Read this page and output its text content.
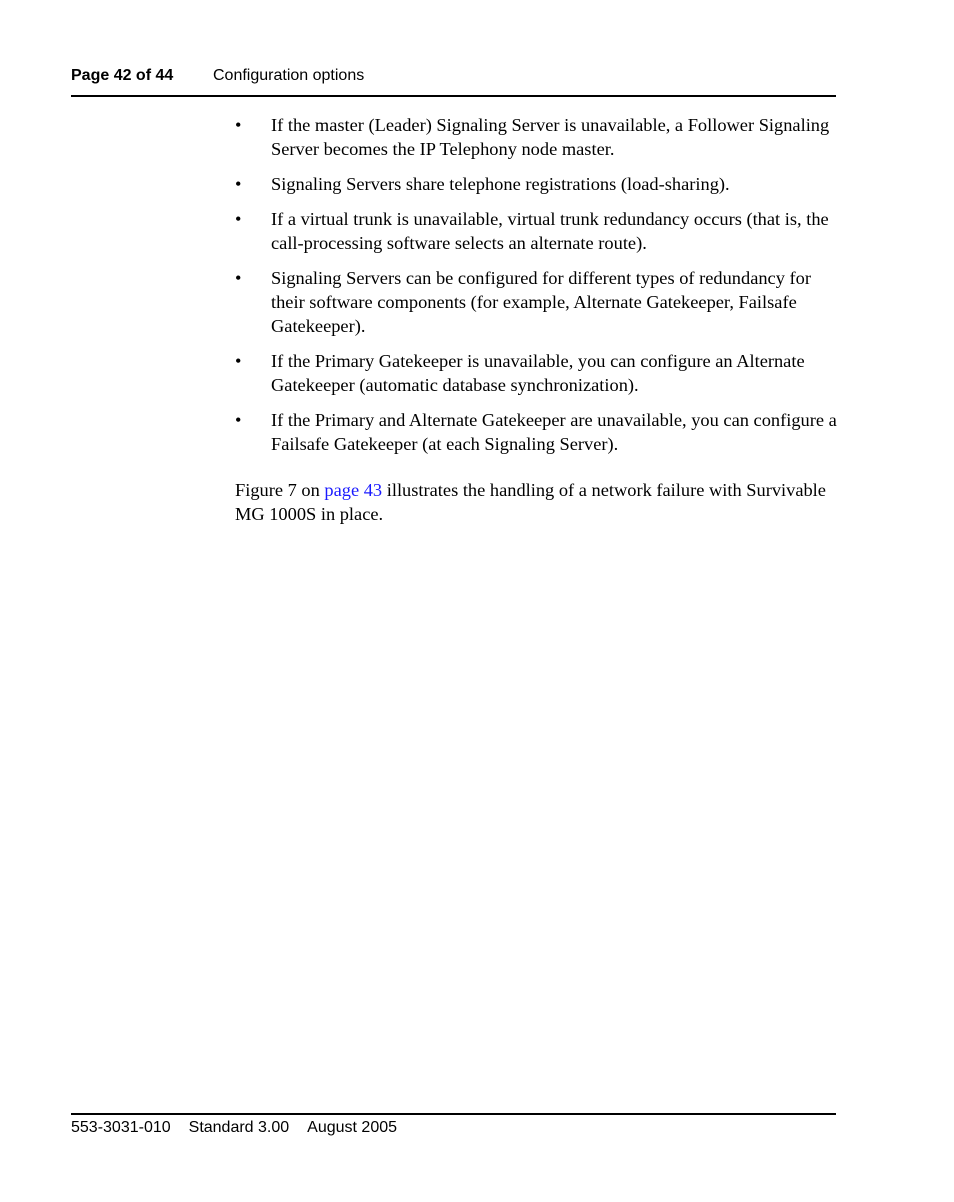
Page 42 of 44 Configuration options
• If the master (Leader) Signaling Server is unavailable, a Follower Signaling Server becomes the IP Telephony node master.
• Signaling Servers share telephone registrations (load-sharing).
• If a virtual trunk is unavailable, virtual trunk redundancy occurs (that is, the call-processing software selects an alternate route).
• Signaling Servers can be configured for different types of redundancy for their software components (for example, Alternate Gatekeeper, Failsafe Gatekeeper).
• If the Primary Gatekeeper is unavailable, you can configure an Alternate Gatekeeper (automatic database synchronization).
• If the Primary and Alternate Gatekeeper are unavailable, you can configure a Failsafe Gatekeeper (at each Signaling Server).

Figure 7 on page 43 illustrates the handling of a network failure with Survivable MG 1000S in place.

553-3031-010 Standard 3.00 August 2005
